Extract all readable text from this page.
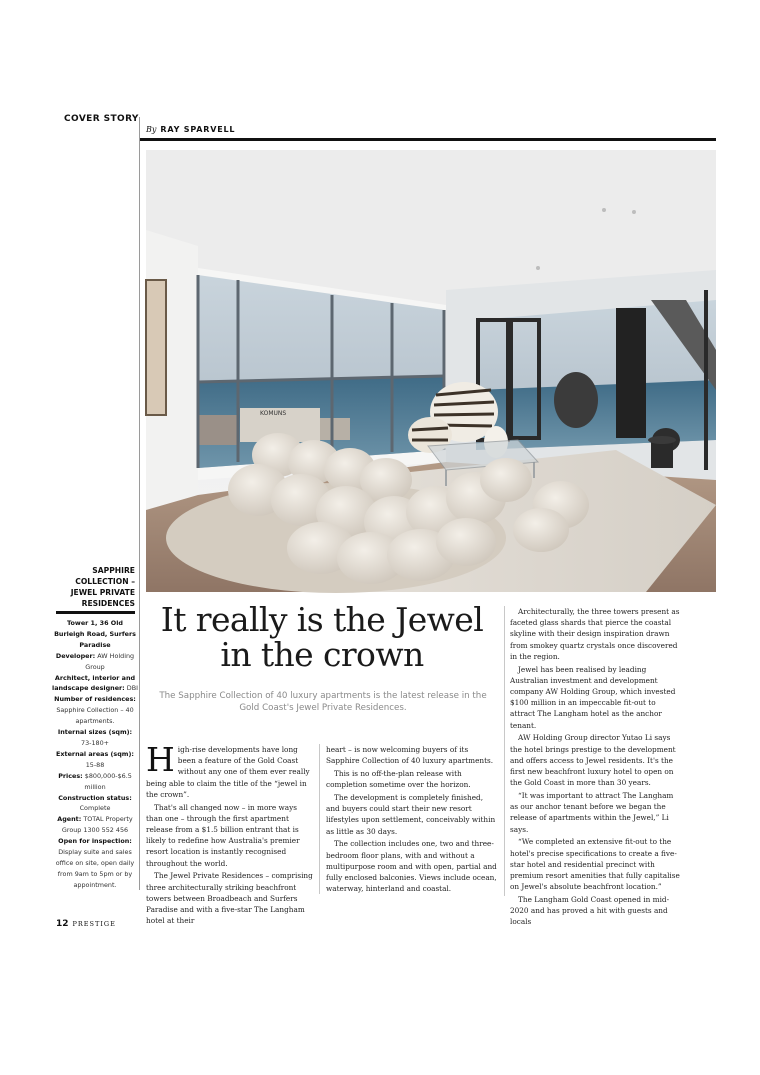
COVER STORY
By RAY SPARVELL
KOMUNS
SAPPHIRE COLLECTION – JEWEL PRIVATE RESIDENCES
Tower 1, 36 Old Burleigh Road, Surfers Paradise
Developer: AW Holding Group
Architect, interior and landscape designer: DBI
Number of residences: Sapphire Collection – 40 apartments.
Internal sizes (sqm):
73-180+
External areas (sqm):
15-88
Prices: $800,000-$6.5 million
Construction status:
Complete
Agent: TOTAL Property Group 1300 552 456
Open for inspection:
Display suite and sales office on site, open daily from 9am to 5pm or by appointment.
It really is the Jewel
in the crown
The Sapphire Collection of 40 luxury apartments is the latest release in the Gold Coast's Jewel Private Residences.

High-rise developments have long been a feature of the Gold Coast without any one of them ever really being able to claim the title of the “jewel in the crown”.

That's all changed now – in more ways than one – through the first apartment release from a $1.5 billion entrant that is likely to redefine how Australia's premier resort location is instantly recognised throughout the world.

The Jewel Private Residences – comprising three architecturally striking beachfront towers between Broadbeach and Surfers Paradise and with a five-star The Langham hotel at their

heart – is now welcoming buyers of its Sapphire Collection of 40 luxury apartments.

This is no off-the-plan release with completion sometime over the horizon.

The development is completely finished, and buyers could start their new resort lifestyles upon settlement, conceivably within as little as 30 days.

The collection includes one, two and three-bedroom floor plans, with and without a multipurpose room and with open, partial and fully enclosed balconies. Views include ocean, waterway, hinterland and coastal.

Architecturally, the three towers present as faceted glass shards that pierce the coastal skyline with their design inspiration drawn from smokey quartz crystals once discovered in the region.

Jewel has been realised by leading Australian investment and development company AW Holding Group, which invested $100 million in an impeccable fit-out to attract The Langham hotel as the anchor tenant.

AW Holding Group director Yutao Li says the hotel brings prestige to the development and offers access to Jewel residents. It's the first new beachfront luxury hotel to open on the Gold Coast in more than 30 years.

“It was important to attract The Langham as our anchor tenant before we began the release of apartments within the Jewel,” Li says.

“We completed an extensive fit-out to the hotel's precise specifications to create a five-star hotel and residential precinct with premium resort amenities that fully capitalise on Jewel's absolute beachfront location.”

The Langham Gold Coast opened in mid-2020 and has proved a hit with guests and locals

12 PRESTIGE
